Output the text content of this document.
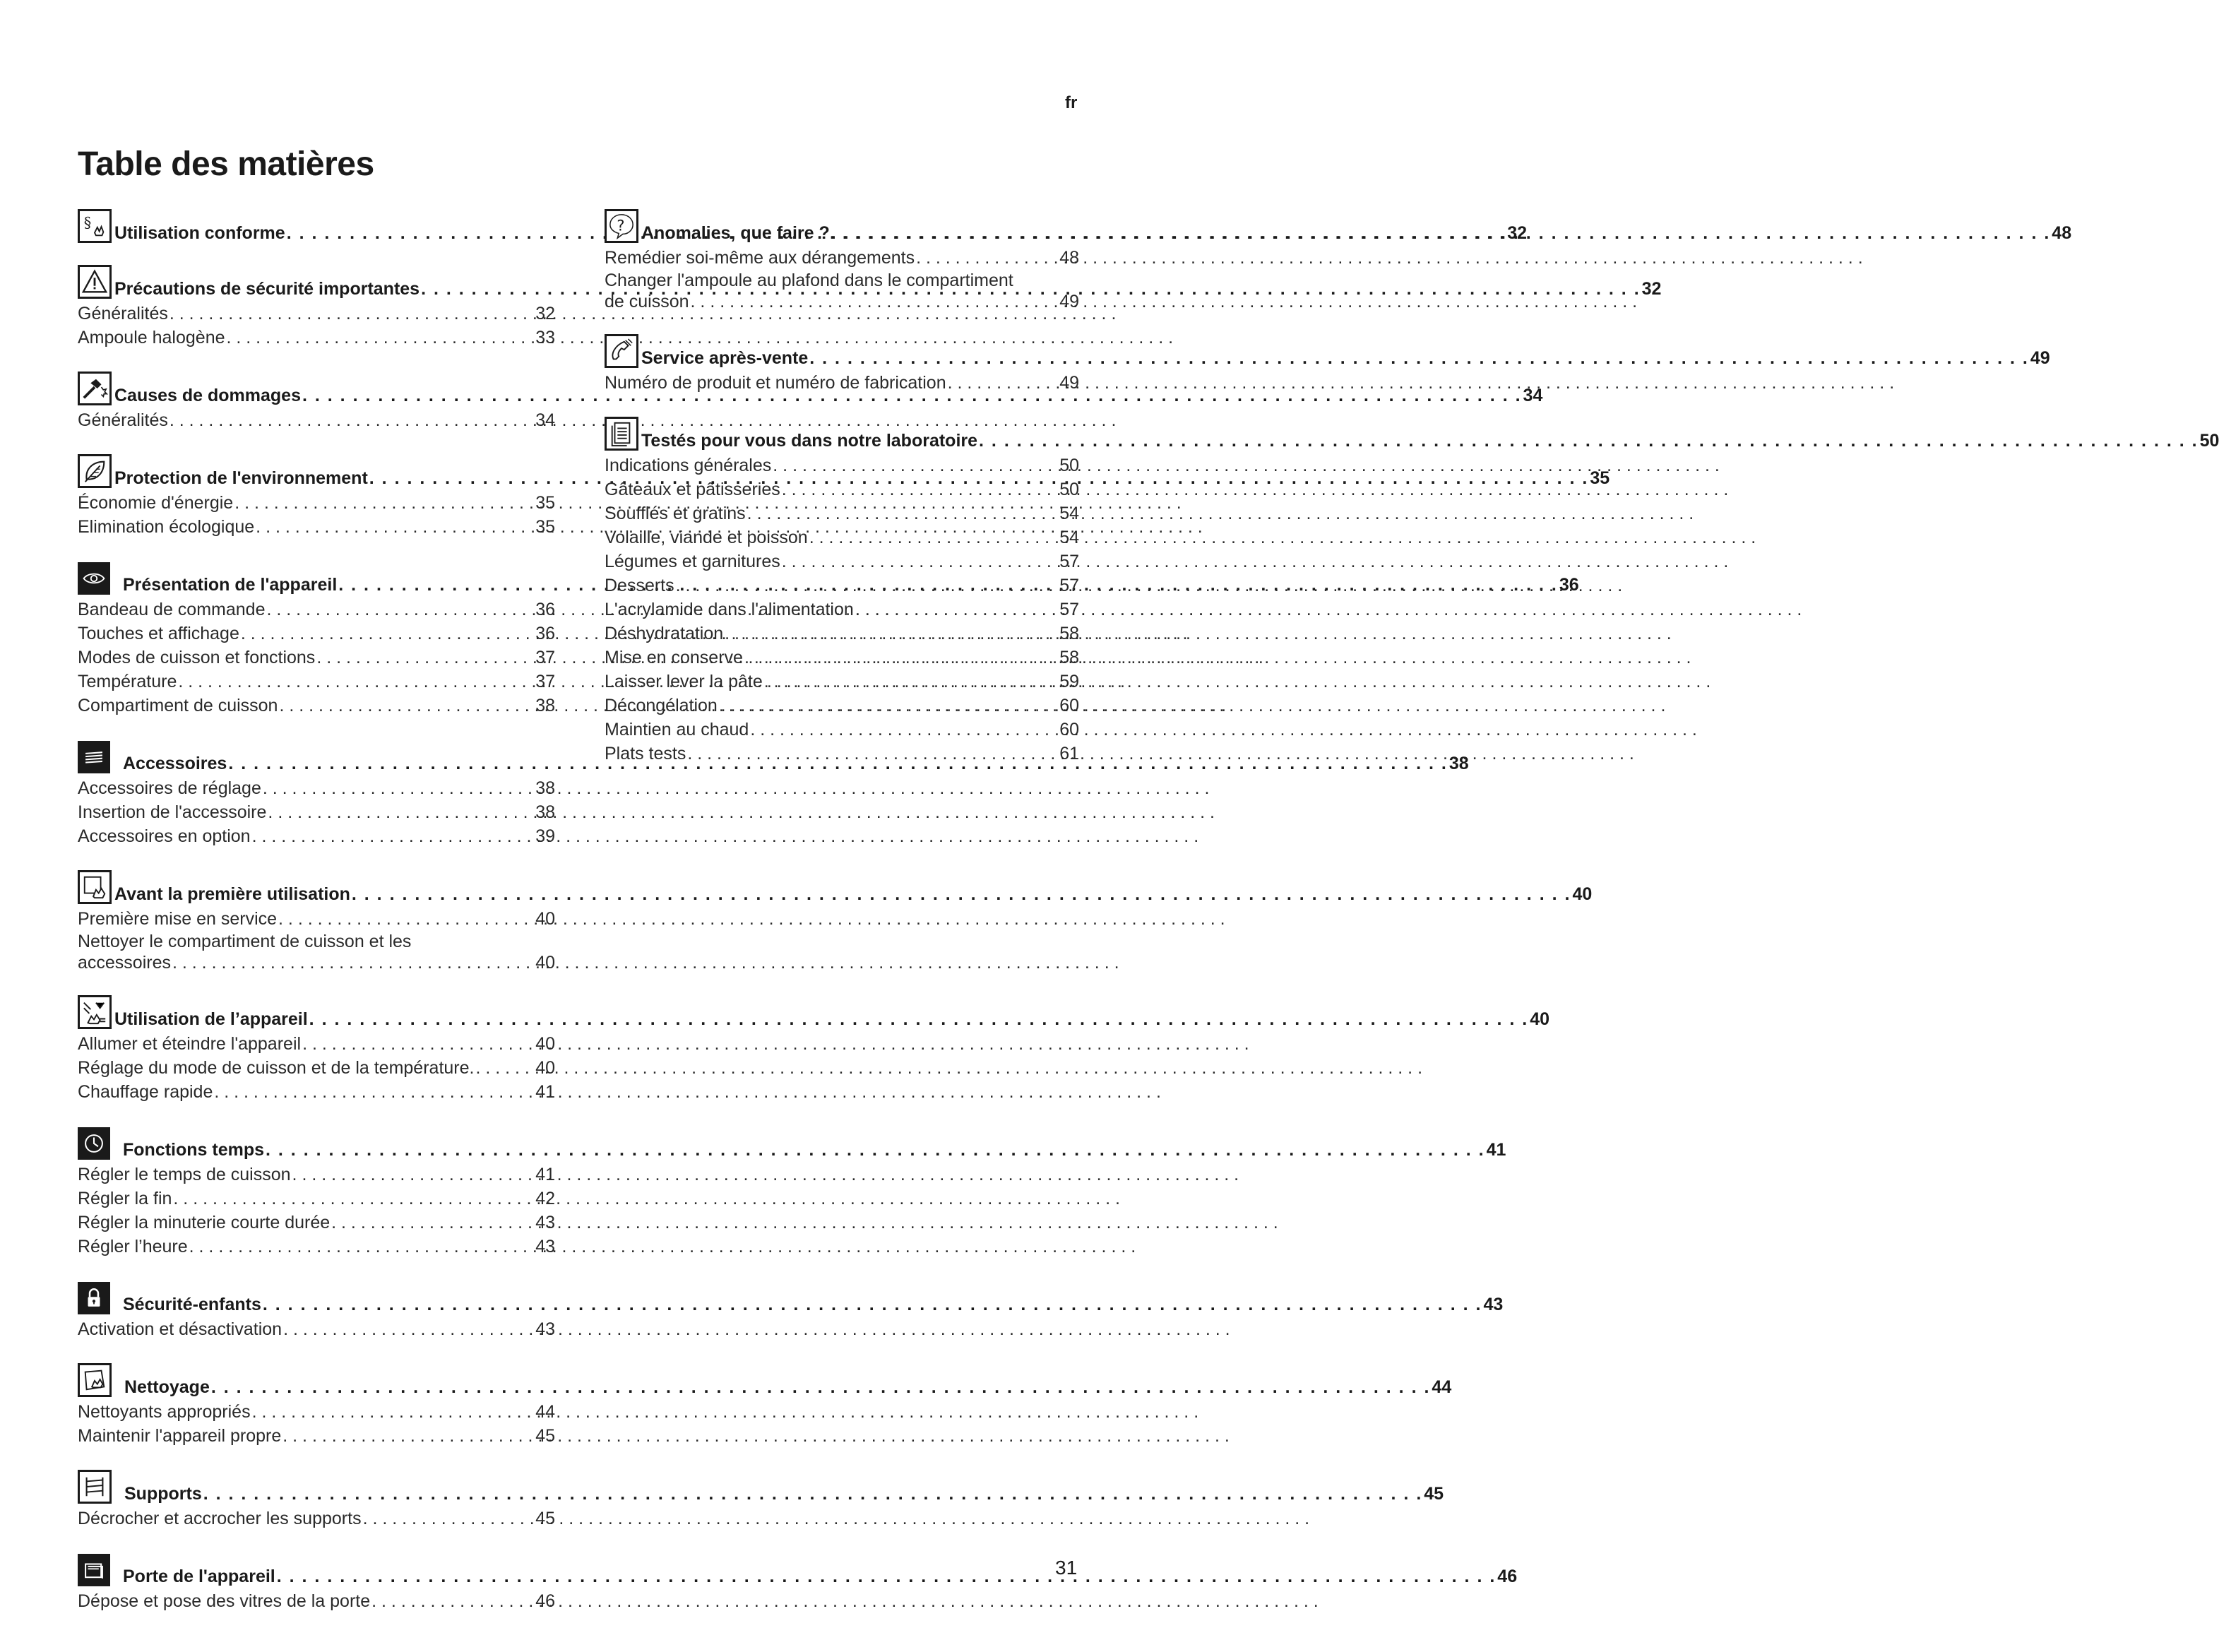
fr
Table des matières
§
Utilisation conforme . . .	32
Précautions de sécurité importantes . . .	32
Généralités . . .	32
Ampoule halogène . . .	33
Causes de dommages . . .	34
Généralités . . .	34
Protection de l'environnement . . .	35
Économie d'énergie . . .	35
Elimination écologique . . .	35
Présentation de l'appareil . . .	36
Bandeau de commande . . .	36
Touches et affichage . . .	36
Modes de cuisson et fonctions . . .	37
Température . . .	37
Compartiment de cuisson . . .	38
Accessoires . . .	38
Accessoires de réglage . . .	38
Insertion de l'accessoire . . .	38
Accessoires en option . . .	39
Avant la première utilisation . . .	40
Première mise en service . . .	40
Nettoyer le compartiment de cuisson et les
accessoires . . .	40
Utilisation de l’appareil . . .	40
Allumer et éteindre l'appareil . . .	40
Réglage du mode de cuisson et de la température. . . .	40
Chauffage rapide . . .	41
Fonctions temps . . .	41
Régler le temps de cuisson . . .	41
Régler la fin . . .	42
Régler la minuterie courte durée . . .	43
Régler l’heure . . .	43
Sécurité-enfants . . .	43
Activation et désactivation . . .	43
Nettoyage . . .	44
Nettoyants appropriés . . .	44
Maintenir l'appareil propre . . .	45
Supports . . .	45
Décrocher et accrocher les supports . . .	45
Porte de l'appareil . . .	46
Dépose et pose des vitres de la porte . . .	46
? Anomalies, que faire ? . . .	48
Remédier soi-même aux dérangements . . .	48
Changer l'ampoule au plafond dans le compartiment
de cuisson . . .	49
Service après-vente . . .	49
Numéro de produit et numéro de fabrication . . .	49
Testés pour vous dans notre laboratoire . . .	50
Indications générales . . .	50
Gâteaux et pâtisseries . . .	50
Soufflés et gratins . . .	54
Volaille, viande et poisson . . .	54
Légumes et garnitures . . .	57
Desserts . . .	57
L'acrylamide dans l'alimentation . . .	57
Déshydratation . . .	58
Mise en conserve . . .	58
Laisser lever la pâte . . .	59
Décongélation . . .	60
Maintien au chaud . . .	60
Plats tests . . .	61
31
